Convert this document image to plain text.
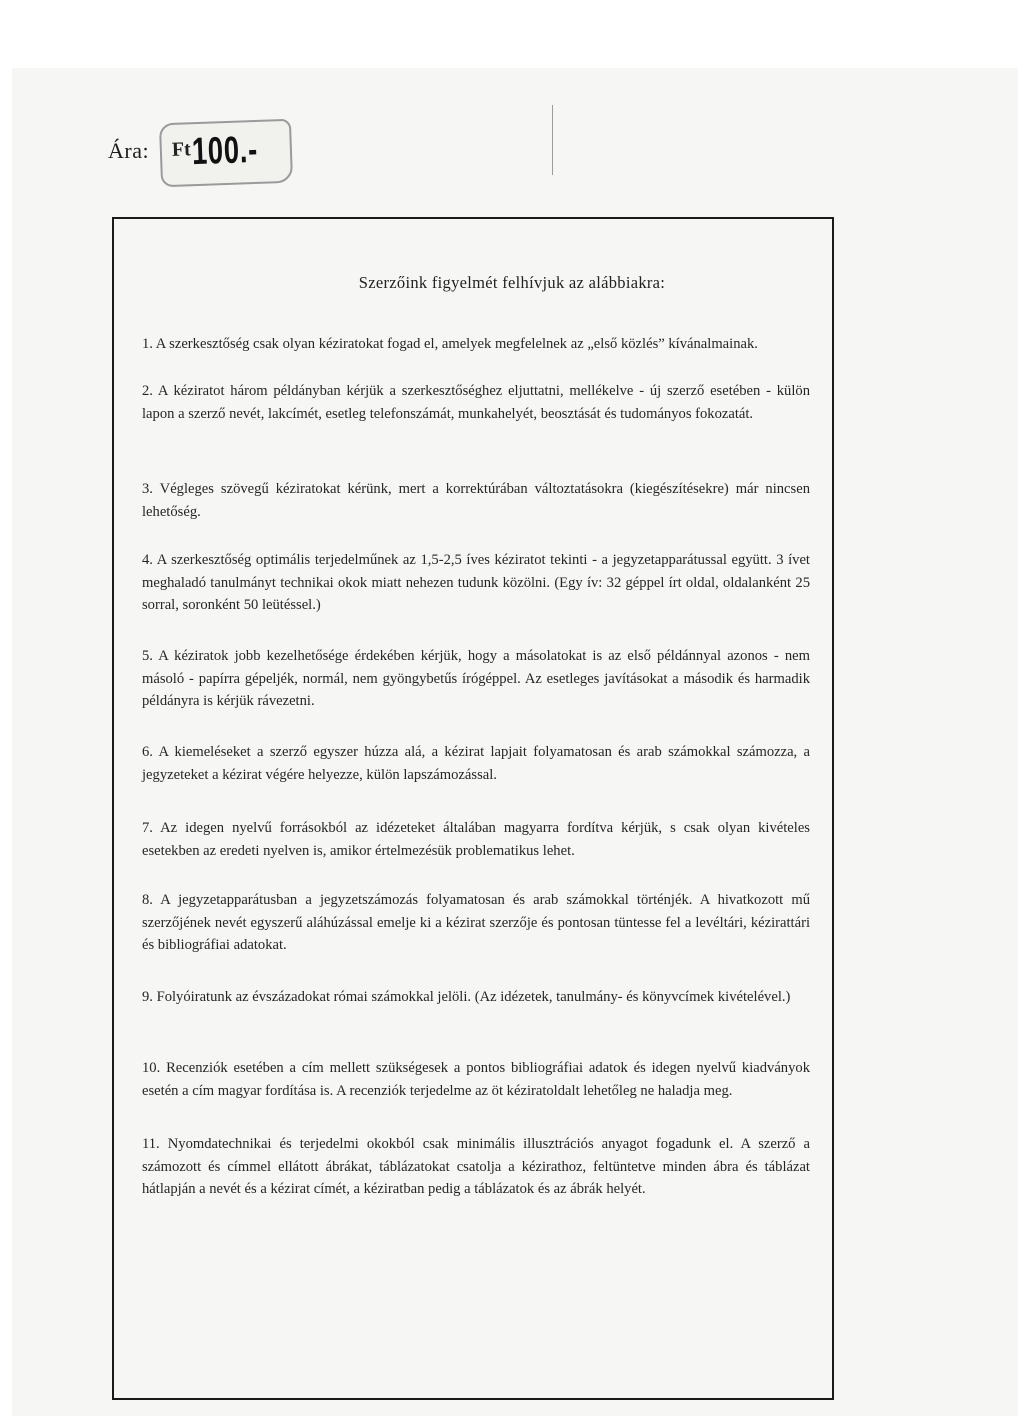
Ára: Ft 100.-
Szerzőink figyelmét felhívjuk az alábbiakra:

1. A szerkesztőség csak olyan kéziratokat fogad el, amelyek megfelelnek az „első közlés” kívánalmainak.

2. A kéziratot három példányban kérjük a szerkesztőséghez eljuttatni, mellékelve - új szerző esetében - külön lapon a szerző nevét, lakcímét, esetleg telefonszámát, munkahelyét, beosztását és tudományos fokozatát.

3. Végleges szövegű kéziratokat kérünk, mert a korrektúrában változtatásokra (kiegészítésekre) már nincsen lehetőség.

4. A szerkesztőség optimális terjedelműnek az 1,5-2,5 íves kéziratot tekinti - a jegyzetapparátussal együtt. 3 ívet meghaladó tanulmányt technikai okok miatt nehezen tudunk közölni. (Egy ív: 32 géppel írt oldal, oldalanként 25 sorral, soronként 50 leütéssel.)

5. A kéziratok jobb kezelhetősége érdekében kérjük, hogy a másolatokat is az első példánnyal azonos - nem másoló - papírra gépeljék, normál, nem gyöngybetűs írógéppel. Az esetleges javításokat a második és harmadik példányra is kérjük rávezetni.

6. A kiemeléseket a szerző egyszer húzza alá, a kézirat lapjait folyamatosan és arab számokkal számozza, a jegyzeteket a kézirat végére helyezze, külön lapszámozással.

7. Az idegen nyelvű forrásokból az idézeteket általában magyarra fordítva kérjük, s csak olyan kivételes esetekben az eredeti nyelven is, amikor értelmezésük problematikus lehet.

8. A jegyzetapparátusban a jegyzetszámozás folyamatosan és arab számokkal történjék. A hivatkozott mű szerzőjének nevét egyszerű aláhúzással emelje ki a kézirat szerzője és pontosan tüntesse fel a levéltári, kézirattári és bibliográfiai adatokat.

9. Folyóiratunk az évszázadokat római számokkal jelöli. (Az idézetek, tanulmány- és könyvcímek kivételével.)

10. Recenziók esetében a cím mellett szükségesek a pontos bibliográfiai adatok és idegen nyelvű kiadványok esetén a cím magyar fordítása is. A recenziók terjedelme az öt kéziratoldalt lehetőleg ne haladja meg.

11. Nyomdatechnikai és terjedelmi okokból csak minimális illusztrációs anyagot fogadunk el. A szerző a számozott és címmel ellátott ábrákat, táblázatokat csatolja a kézirathoz, feltüntetve minden ábra és táblázat hátlapján a nevét és a kézirat címét, a kéziratban pedig a táblázatok és az ábrák helyét.
